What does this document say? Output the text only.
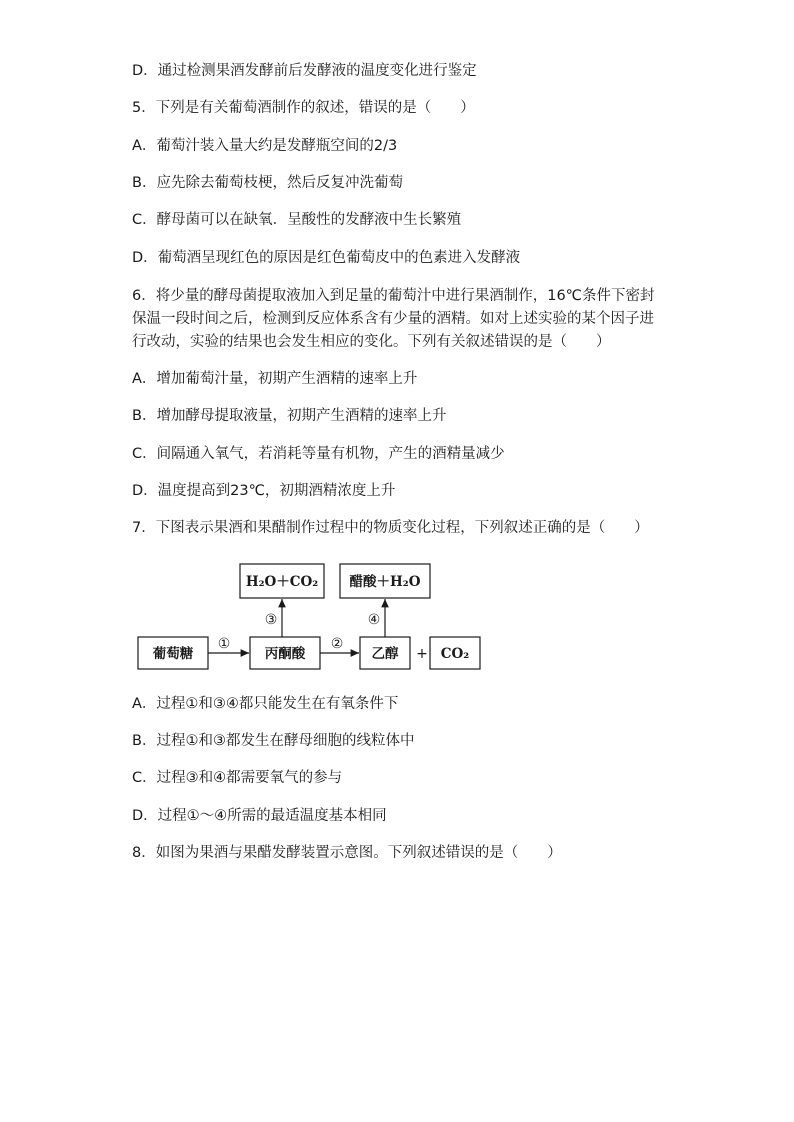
D．通过检测果酒发酵前后发酵液的温度变化进行鉴定
5．下列是有关葡萄酒制作的叙述，错误的是（　　）
A．葡萄汁装入量大约是发酵瓶空间的2/3
B．应先除去葡萄枝梗，然后反复冲洗葡萄
C．酵母菌可以在缺氧．呈酸性的发酵液中生长繁殖
D．葡萄酒呈现红色的原因是红色葡萄皮中的色素进入发酵液
6．将少量的酵母菌提取液加入到足量的葡萄汁中进行果酒制作，16℃条件下密封
保温一段时间之后，检测到反应体系含有少量的酒精。如对上述实验的某个因子进
行改动，实验的结果也会发生相应的变化。下列有关叙述错误的是（　　）
A．增加葡萄汁量，初期产生酒精的速率上升
B．增加酵母提取液量，初期产生酒精的速率上升
C．间隔通入氧气，若消耗等量有机物，产生的酒精量减少
D．温度提高到23℃，初期酒精浓度上升
7．下图表示果酒和果醋制作过程中的物质变化过程，下列叙述正确的是（　　）
H₂O＋CO₂ 醋酸＋H₂O
葡萄糖	丙酮酸	乙醇 + CO₂
①	②
③	④
A．过程①和③④都只能发生在有氧条件下
B．过程①和③都发生在酵母细胞的线粒体中
C．过程③和④都需要氧气的参与
D．过程①～④所需的最适温度基本相同
8．如图为果酒与果醋发酵装置示意图。下列叙述错误的是（　　）
